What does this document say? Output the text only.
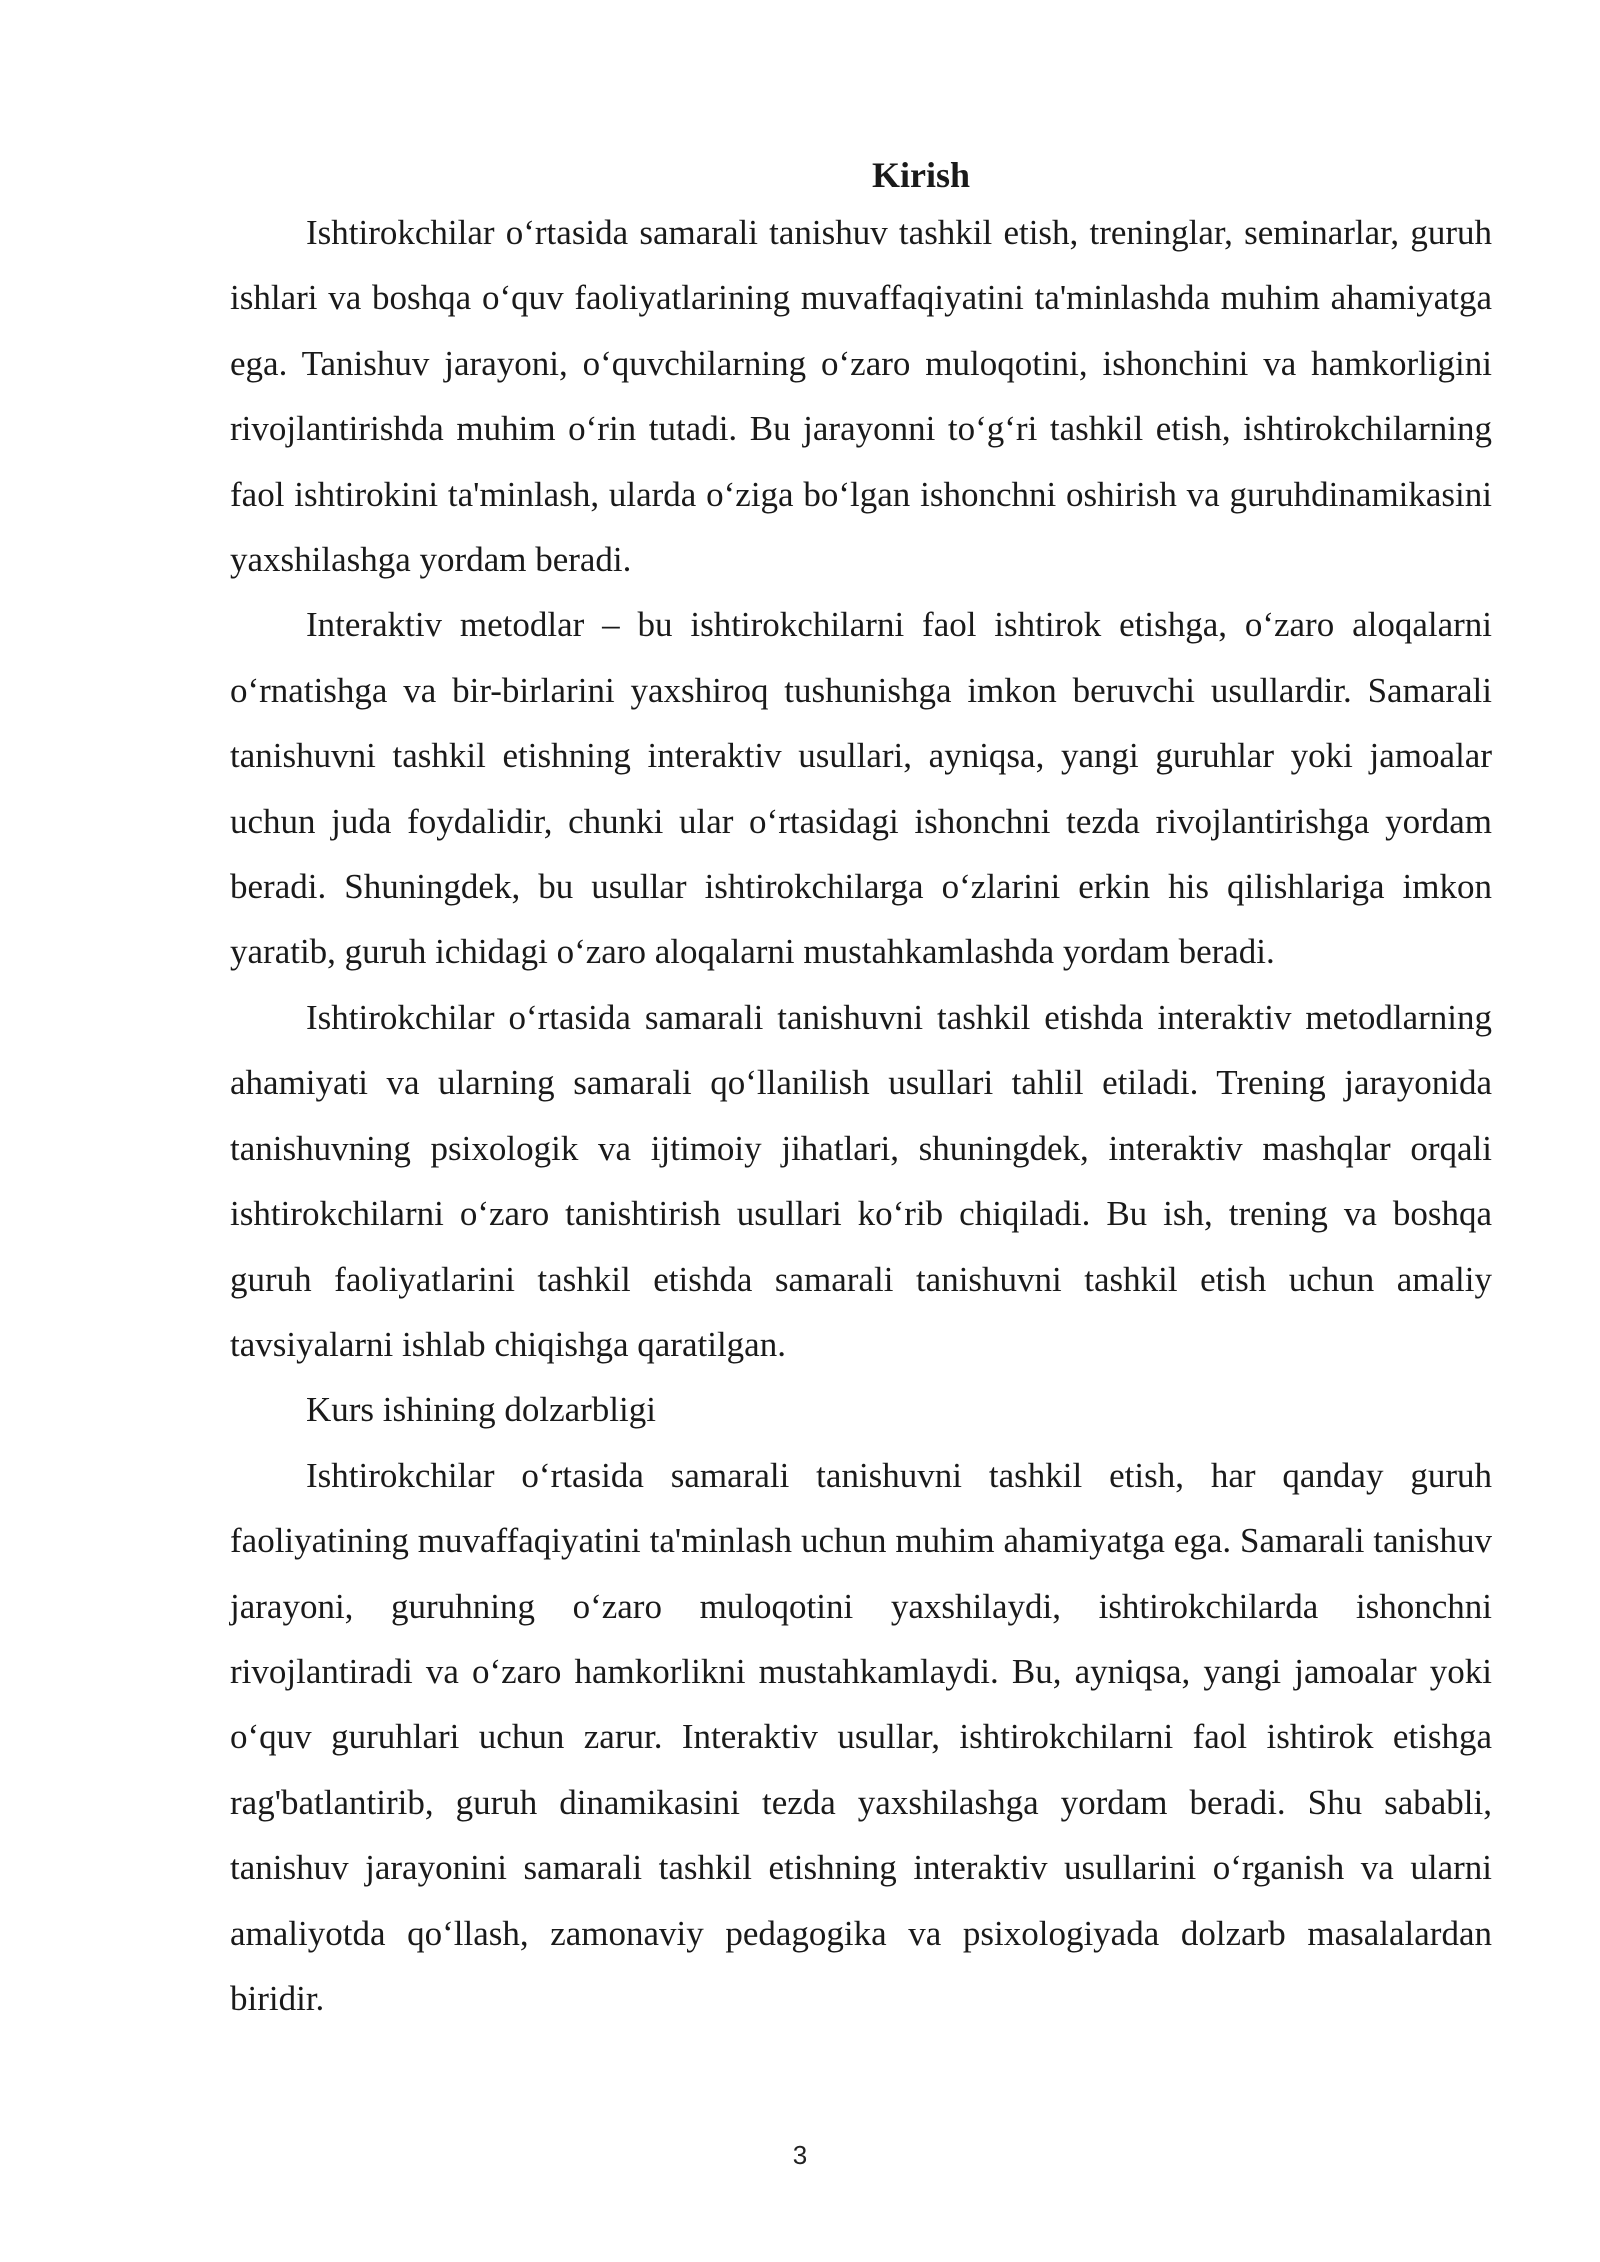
Kirish

Ishtirokchilar o‘rtasida samarali tanishuv tashkil etish, treninglar, seminarlar, guruh ishlari va boshqa o‘quv faoliyatlarining muvaffaqiyatini ta'minlashda muhim ahamiyatga ega. Tanishuv jarayoni, o‘quvchilarning o‘zaro muloqotini, ishonchini va hamkorligini rivojlantirishda muhim o‘rin tutadi. Bu jarayonni to‘g‘ri tashkil etish, ishtirokchilarning faol ishtirokini ta'minlash, ularda o‘ziga bo‘lgan ishonchni oshirish va guruhdinamikasini yaxshilashga yordam beradi.

Interaktiv metodlar – bu ishtirokchilarni faol ishtirok etishga, o‘zaro aloqalarni o‘rnatishga va bir-birlarini yaxshiroq tushunishga imkon beruvchi usullardir. Samarali tanishuvni tashkil etishning interaktiv usullari, ayniqsa, yangi guruhlar yoki jamoalar uchun juda foydalidir, chunki ular o‘rtasidagi ishonchni tezda rivojlantirishga yordam beradi. Shuningdek, bu usullar ishtirokchilarga o‘zlarini erkin his qilishlariga imkon yaratib, guruh ichidagi o‘zaro aloqalarni mustahkamlashda yordam beradi.

Ishtirokchilar o‘rtasida samarali tanishuvni tashkil etishda interaktiv metodlarning ahamiyati va ularning samarali qo‘llanilish usullari tahlil etiladi. Trening jarayonida tanishuvning psixologik va ijtimoiy jihatlari, shuningdek, interaktiv mashqlar orqali ishtirokchilarni o‘zaro tanishtirish usullari ko‘rib chiqiladi. Bu ish, trening va boshqa guruh faoliyatlarini tashkil etishda samarali tanishuvni tashkil etish uchun amaliy tavsiyalarni ishlab chiqishga qaratilgan.

Kurs ishining dolzarbligi

Ishtirokchilar o‘rtasida samarali tanishuvni tashkil etish, har qanday guruh faoliyatining muvaffaqiyatini ta'minlash uchun muhim ahamiyatga ega. Samarali tanishuv jarayoni, guruhning o‘zaro muloqotini yaxshilaydi, ishtirokchilarda ishonchni rivojlantiradi va o‘zaro hamkorlikni mustahkamlaydi. Bu, ayniqsa, yangi jamoalar yoki o‘quv guruhlari uchun zarur. Interaktiv usullar, ishtirokchilarni faol ishtirok etishga rag'batlantirib, guruh dinamikasini tezda yaxshilashga yordam beradi. Shu sababli, tanishuv jarayonini samarali tashkil etishning interaktiv usullarini o‘rganish va ularni amaliyotda qo‘llash, zamonaviy pedagogika va psixologiyada dolzarb masalalardan biridir.

3
